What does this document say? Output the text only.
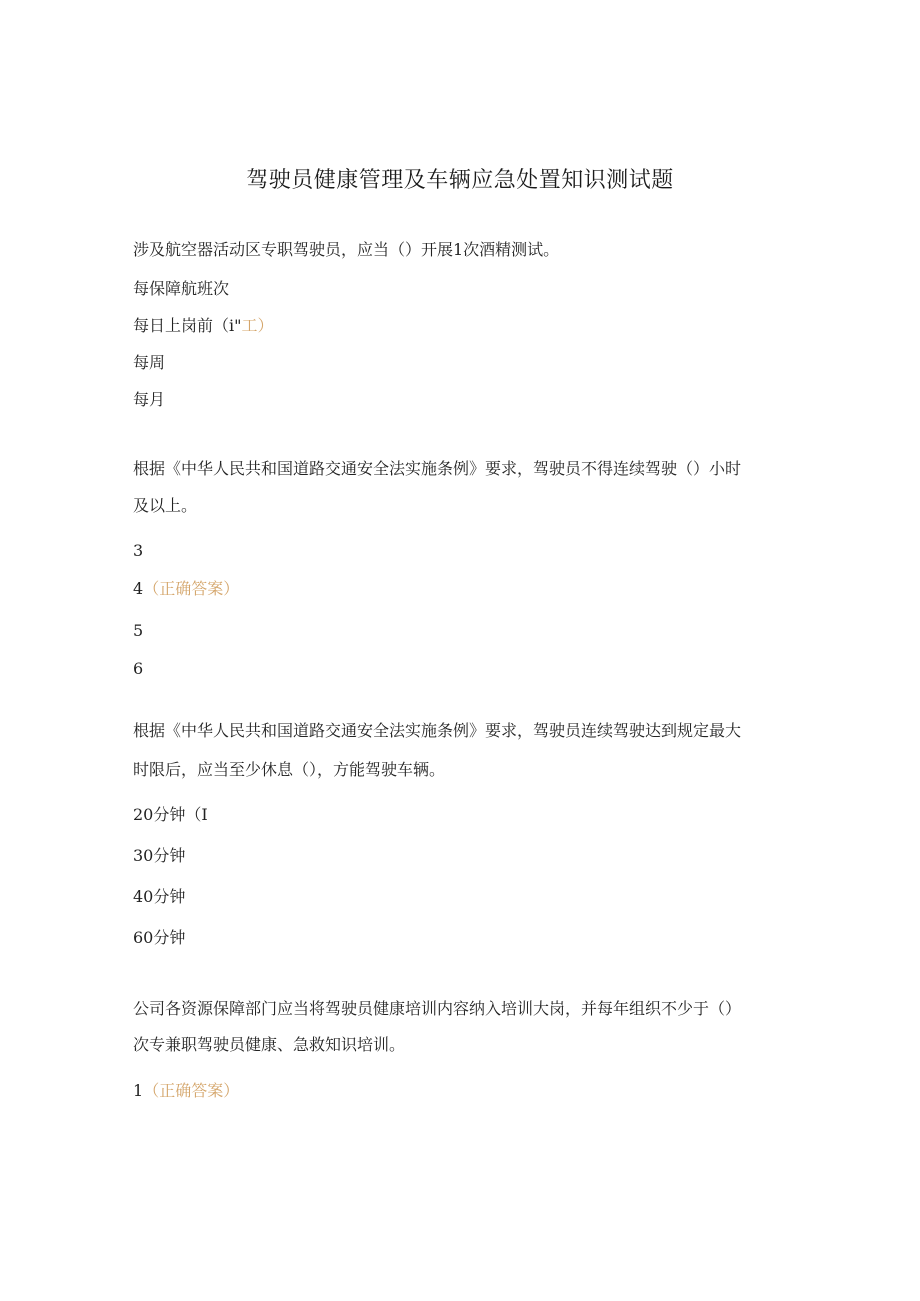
驾驶员健康管理及车辆应急处置知识测试题
涉及航空器活动区专职驾驶员，应当（）开展1次酒精测试。
每保障航班次
每日上岗前（i"工）
每周
每月
根据《中华人民共和国道路交通安全法实施条例》要求，驾驶员不得连续驾驶（）小时
及以上。
3
4（正确答案）
5
6
根据《中华人民共和国道路交通安全法实施条例》要求，驾驶员连续驾驶达到规定最大
时限后，应当至少休息（），方能驾驶车辆。
20分钟（I
30分钟
40分钟
60分钟
公司各资源保障部门应当将驾驶员健康培训内容纳入培训大岗，并每年组织不少于（）
次专兼职驾驶员健康、急救知识培训。
1（正确答案）
